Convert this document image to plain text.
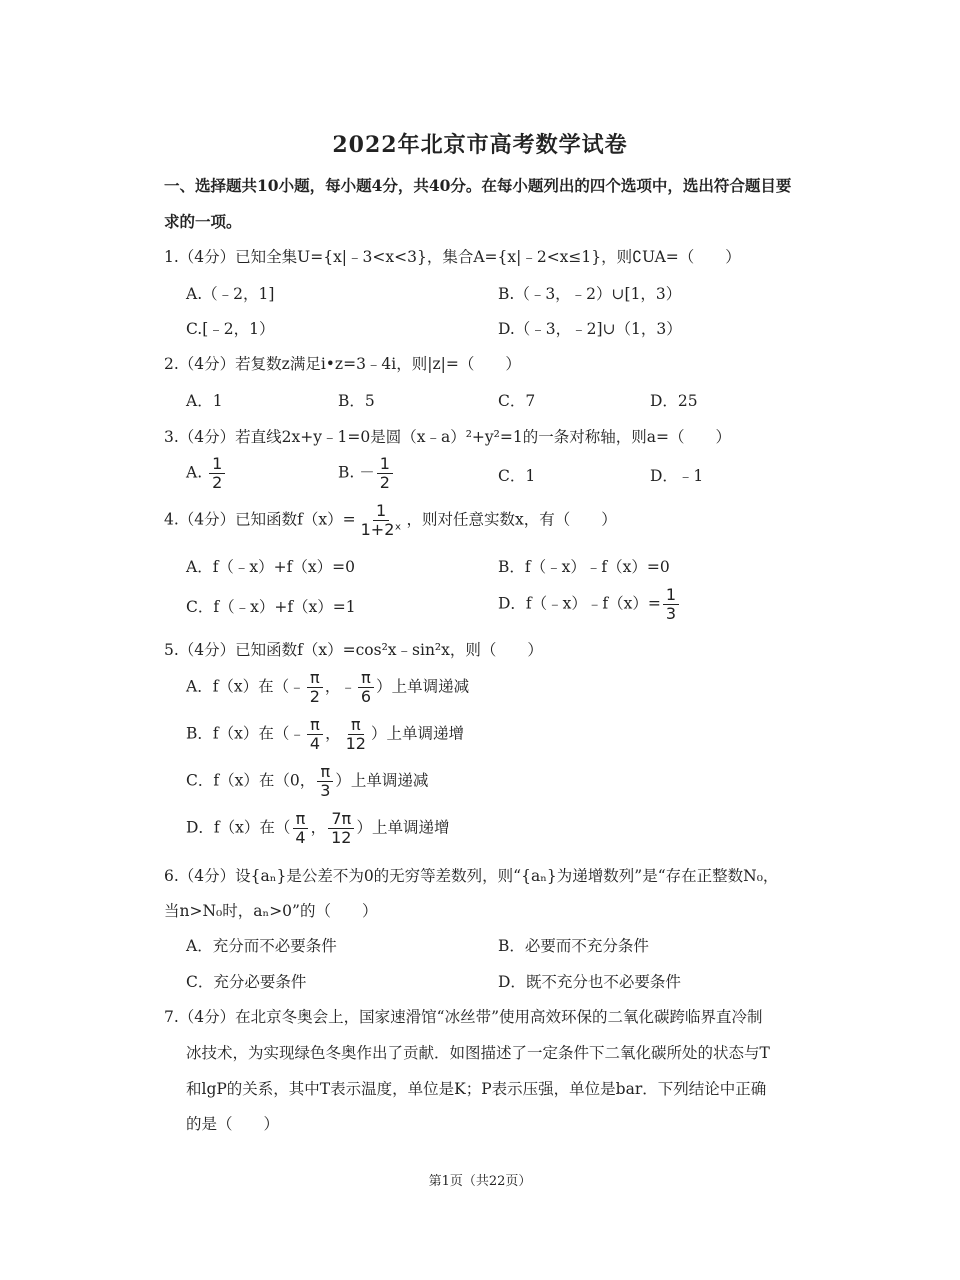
2022年北京市高考数学试卷
一、选择题共10小题，每小题4分，共40分。在每小题列出的四个选项中，选出符合题目要求的一项。
1.（4分）已知全集U={x|﹣3<x<3}，集合A={x|﹣2<x≤1}，则∁UA=（　　）
A.（﹣2，1]	B.（﹣3，﹣2）∪[1，3）
C.[﹣2，1）	D.（﹣3，﹣2]∪（1，3）
2.（4分）若复数z满足i•z=3﹣4i，则|z|=（　　）
A．1	B．5	C．7	D．25
3.（4分）若直线2x+y﹣1=0是圆（x﹣a）²+y²=1的一条对称轴，则a=（　　）
A. $\frac{1}{2}$	B. － $\frac{1}{2}$	C．1	D．﹣1
4.（4分）已知函数$f(x)= \frac{1}{\text{1+2ˣ}}$ ，则对任意实数x，有（　　）
A．f（﹣x）+f（x）=0	B．f（﹣x）﹣f（x）=0
C．f（﹣x）+f（x）=1	D．f（﹣x）﹣f（x）= $\frac{1}{3}$
5.（4分）已知函数f（x）=cos²x﹣sin²x，则（　　）
A．f（x）在（﹣ $\frac{\pi}{2}$ ，﹣ $\frac{\pi}{6}$ ）上单调递减
B．f（x）在（﹣ $\frac{\pi}{4}$ ， $\frac{\pi}{12}$ ）上单调递增
C．f（x）在（0， $\frac{\pi}{3}$ ）上单调递减
D．f（x）在（ $\frac{\pi}{4}$ ， $\frac{7\pi}{12}$ ）上单调递增
6.（4分）设{aₙ}是公差不为0的无穷等差数列，则“{aₙ}为递增数列”是“存在正整数N₀，
当n>N₀时，aₙ>0”的（　　）
A．充分而不必要条件	B．必要而不充分条件
C．充分必要条件	D．既不充分也不必要条件
7.（4分）在北京冬奥会上，国家速滑馆“冰丝带”使用高效环保的二氧化碳跨临界直冷制
冰技术，为实现绿色冬奥作出了贡献．如图描述了一定条件下二氧化碳所处的状态与T
和lgP的关系，其中T表示温度，单位是K；P表示压强，单位是bar．下列结论中正确
的是（　　）
第1页（共22页）
